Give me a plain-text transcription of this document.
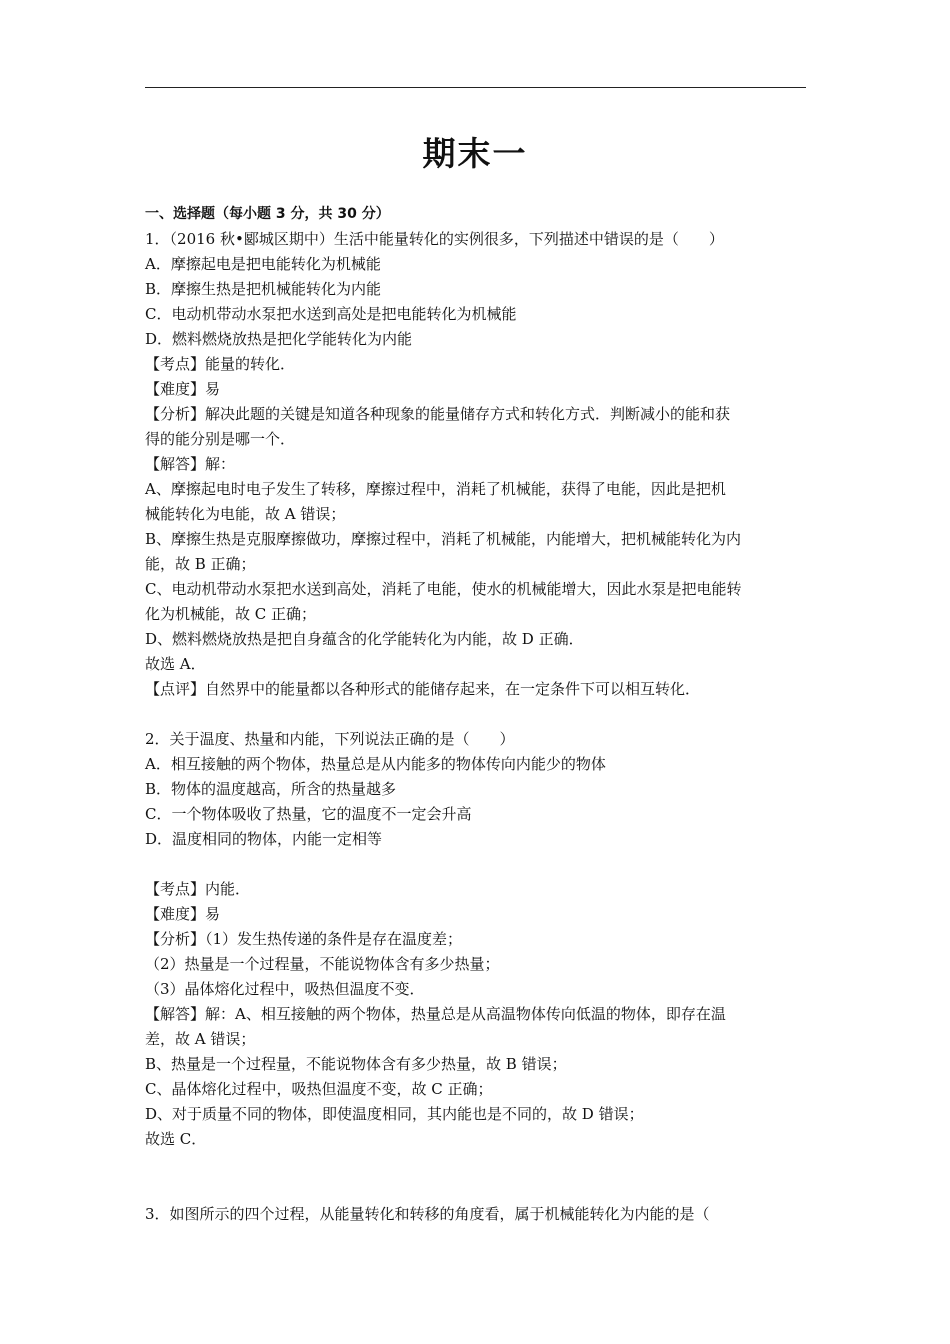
期末一
一、选择题（每小题 3 分，共 30 分）
1．（2016 秋•郾城区期中）生活中能量转化的实例很多，下列描述中错误的是（　　）
A．摩擦起电是把电能转化为机械能
B．摩擦生热是把机械能转化为内能
C．电动机带动水泵把水送到高处是把电能转化为机械能
D．燃料燃烧放热是把化学能转化为内能
【考点】能量的转化．
【难度】易
【分析】解决此题的关键是知道各种现象的能量储存方式和转化方式．判断减小的能和获
得的能分别是哪一个．
【解答】解：
A、摩擦起电时电子发生了转移，摩擦过程中，消耗了机械能，获得了电能，因此是把机
械能转化为电能，故 A 错误；
B、摩擦生热是克服摩擦做功，摩擦过程中，消耗了机械能，内能增大，把机械能转化为内
能，故 B 正确；
C、电动机带动水泵把水送到高处，消耗了电能，使水的机械能增大，因此水泵是把电能转
化为机械能，故 C 正确；
D、燃料燃烧放热是把自身蕴含的化学能转化为内能，故 D 正确．
故选 A．
【点评】自然界中的能量都以各种形式的能储存起来，在一定条件下可以相互转化．
2．关于温度、热量和内能，下列说法正确的是（　　）
A．相互接触的两个物体，热量总是从内能多的物体传向内能少的物体
B．物体的温度越高，所含的热量越多
C．一个物体吸收了热量，它的温度不一定会升高
D．温度相同的物体，内能一定相等
【考点】内能．
【难度】易
【分析】（1）发生热传递的条件是存在温度差；
（2）热量是一个过程量，不能说物体含有多少热量；
（3）晶体熔化过程中，吸热但温度不变．
【解答】解：A、相互接触的两个物体，热量总是从高温物体传向低温的物体，即存在温
差，故 A 错误；
B、热量是一个过程量，不能说物体含有多少热量，故 B 错误；
C、晶体熔化过程中，吸热但温度不变，故 C 正确；
D、对于质量不同的物体，即使温度相同，其内能也是不同的，故 D 错误；
故选 C．
3．如图所示的四个过程，从能量转化和转移的角度看，属于机械能转化为内能的是（
